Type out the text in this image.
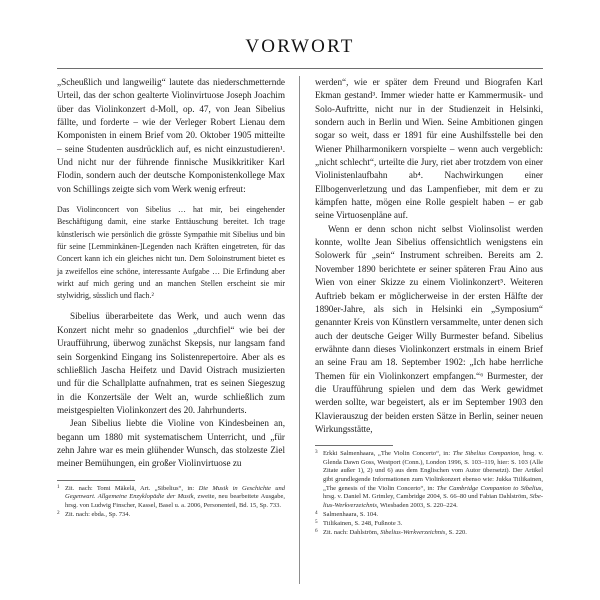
VORWORT

„Scheußlich und langweilig“ lautete das niederschmetternde Urteil, das der schon gealterte Violinvirtuose Joseph Joachim über das Violinkonzert d-Moll, op. 47, von Jean Sibelius fällte, und forderte – wie der Verleger Robert Lienau dem Komponisten in einem Brief vom 20. Oktober 1905 mitteilte – seine Studenten ausdrücklich auf, es nicht einzustudieren¹. Und nicht nur der führende finnische Musikkritiker Karl Flodin, sondern auch der deutsche Komponistenkollege Max von Schillings zeigte sich vom Werk wenig erfreut:

Das Violinconcert von Sibelius … hat mir, bei eingehender Beschäftigung damit, eine starke Enttäuschung bereitet. Ich trage künstlerisch wie persönlich die grösste Sympathie mit Sibelius und bin für seine [Lemminkänen-]Legenden nach Kräften eingetreten, für das Concert kann ich ein gleiches nicht tun. Dem Soloinstrument bietet es ja zweifellos eine schöne, interessante Aufgabe … Die Erfindung aber wirkt auf mich gering und an manchen Stellen erscheint sie mir stylwidrig, süsslich und flach.²

Sibelius überarbeitete das Werk, und auch wenn das Konzert nicht mehr so gnadenlos „durchfiel“ wie bei der Uraufführung, überwog zunächst Skepsis, nur langsam fand sein Sorgenkind Eingang ins Solistenrepertoire. Aber als es schließlich Jascha Heifetz und David Oistrach musizierten und für die Schallplatte aufnahmen, trat es seinen Siegeszug in die Konzertsäle der Welt an, wurde schließlich zum meistgespielten Violinkonzert des 20. Jahrhunderts.

Jean Sibelius liebte die Violine von Kindesbeinen an, begann um 1880 mit systematischem Unterricht, und „für zehn Jahre war es mein glühender Wunsch, das stolzeste Ziel meiner Bemühungen, ein großer Violinvirtuose zu

1 Zit. nach: Tomi Mäkelä, Art. „Sibelius“, in: Die Musik in Geschichte und Gegenwart. Allgemeine Enzyklopädie der Musik, zweite, neu bearbeitete Ausgabe, hrsg. von Ludwig Finscher, Kassel, Basel u. a. 2006, Personenteil, Bd. 15, Sp. 733.
2 Zit. nach: ebda., Sp. 734.

werden“, wie er später dem Freund und Biografen Karl Ekman gestand³. Immer wieder hatte er Kammermusik- und Solo-Auftritte, nicht nur in der Studienzeit in Helsinki, sondern auch in Berlin und Wien. Seine Ambitionen gingen sogar so weit, dass er 1891 für eine Aushilfsstelle bei den Wiener Philharmonikern vorspielte – wenn auch vergeblich: „nicht schlecht“, urteilte die Jury, riet aber trotzdem von einer Violinistenlaufbahn ab⁴. Nachwirkungen einer Ellbogenverletzung und das Lampenfieber, mit dem er zu kämpfen hatte, mögen eine Rolle gespielt haben – er gab seine Virtuosenpläne auf.

Wenn er denn schon nicht selbst Violinsolist werden konnte, wollte Jean Sibelius offensichtlich wenigstens ein Solowerk für „sein“ Instrument schreiben. Bereits am 2. November 1890 berichtete er seiner späteren Frau Aino aus Wien von einer Skizze zu einem Violinkonzert⁵. Weiteren Auftrieb bekam er möglicherweise in der ersten Hälfte der 1890er-Jahre, als sich in Helsinki ein „Symposium“ genannter Kreis von Künstlern versammelte, unter denen sich auch der deutsche Geiger Willy Burmester befand. Sibelius erwähnte dann dieses Violinkonzert erstmals in einem Brief an seine Frau am 18. September 1902: „Ich habe herrliche Themen für ein Violinkonzert empfangen.“⁶ Burmester, der die Uraufführung spielen und dem das Werk gewidmet werden sollte, war begeistert, als er im September 1903 den Klavierauszug der beiden ersten Sätze in Berlin, seiner neuen Wirkungsstätte,

3 Erkki Salmenhaara, „The Violin Concerto“, in: The Sibelius Companion, hrsg. v. Glenda Dawn Goss, Westport (Conn.), London 1996, S. 103–119, hier: S. 103 (Alle Zitate außer 1), 2) und 6) aus dem Englischen vom Autor übersetzt). Der Artikel gibt grundlegende Informationen zum Violinkonzert ebenso wie: Jukka Tiilikainen, „The genesis of the Violin Concerto“, in: The Cambridge Companion to Sibelius, hrsg. v. Daniel M. Grimley, Cambridge 2004, S. 66–80 und Fabian Dahlström, Sibelius-Werkverzeichnis, Wiesbaden 2003, S. 220–224.
4 Salmenhaara, S. 104.
5 Tiilikainen, S. 248, Fußnote 3.
6 Zit. nach: Dahlström, Sibelius-Werkverzeichnis, S. 220.
